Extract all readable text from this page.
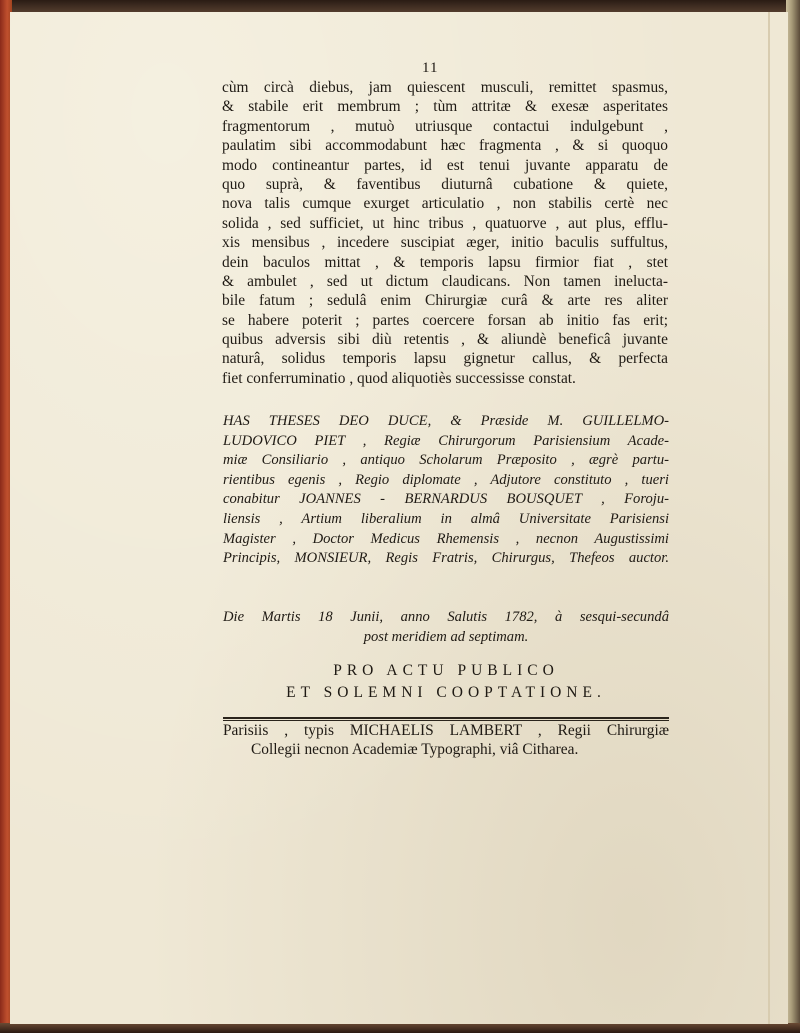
11
cùm circà diebus, jam quiescent musculi, remittet spasmus,
& stabile erit membrum ; tùm attritæ & exesæ asperitates
fragmentorum , mutuò utriusque contactui indulgebunt ,
paulatim sibi accommodabunt hæc fragmenta , & si quoquo
modo contineantur partes, id est tenui juvante apparatu de
quo suprà, & faventibus diuturnâ cubatione & quiete,
nova talis cumque exurget articulatio , non stabilis certè nec
solida , sed sufficiet, ut hinc tribus , quatuorve , aut plus, efflu-
xis mensibus , incedere suscipiat æger, initio baculis suffultus,
dein baculos mittat , & temporis lapsu firmior fiat , stet
& ambulet , sed ut dictum claudicans. Non tamen ineluctа-
bile fatum ; sedulâ enim Chirurgiæ curâ & arte res aliter
se habere poterit ; partes coercere forsan ab initio fas erit;
quibus adversis sibi diù retentis , & aliundè beneficâ juvante
naturâ, solidus temporis lapsu gignetur callus, & perfecta
fiet conferruminatio , quod aliquotiès successisse constat.
HAS THESES DEO DUCE, & Præside M. GUILLELMO-
LUDOVICO PIET , Regiæ Chirurgorum Parisiensium Acade-
miæ Consiliario , antiquo Scholarum Præposito , ægrè partu-
rientibus egenis , Regio diplomate , Adjutore constituto , tueri
conabitur JOANNES - BERNARDUS BOUSQUET , Foroju-
liensis , Artium liberalium in almâ Universitate Parisiensi
Magister , Doctor Medicus Rhemensis , necnon Augustissimi
Principis, MONSIEUR, Regis Fratris, Chirurgus, Thefeos auctor.
Die Martis 18 Junii, anno Salutis 1782, à sesqui-secundâ
post meridiem ad septimam.
PRO ACTU PUBLICO
ET SOLEMNI COOPTATIONE.
Parisiis , typis MICHAELIS LAMBERT , Regii Chirurgiæ
Collegii necnon Academiæ Typographi, viâ Citharea.
